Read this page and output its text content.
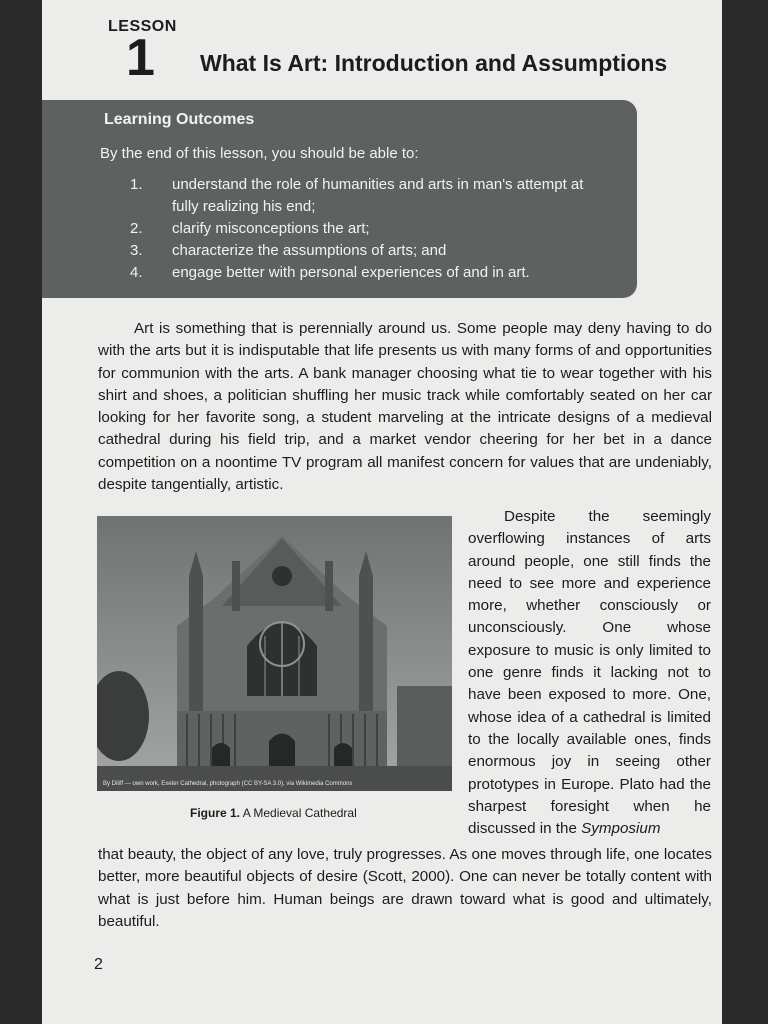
LESSON
1 What Is Art: Introduction and Assumptions
Learning Outcomes
By the end of this lesson, you should be able to:
1.	understand the role of humanities and arts in man's attempt at fully realizing his end;
2.	clarify misconceptions the art;
3.	characterize the assumptions of arts; and
4.	engage better with personal experiences of and in art.
Art is something that is perennially around us. Some people may deny having to do with the arts but it is indisputable that life presents us with many forms of and opportunities for communion with the arts. A bank manager choosing what tie to wear together with his shirt and shoes, a politician shuffling her music track while comfortably seated on her car looking for her favorite song, a student marveling at the intricate designs of a medieval cathedral during his field trip, and a market vendor cheering for her bet in a dance competition on a noontime TV program all manifest concern for values that are undeniably, despite tangentially, artistic.
By Diliff — own work, Exeter Cathedral, photograph (CC BY-SA 3.0), via Wikimedia Commons
Figure 1. A Medieval Cathedral
Despite the seemingly overflowing instances of arts around people, one still finds the need to see more and experience more, whether consciously or unconsciously. One whose exposure to music is only limited to one genre finds it lacking not to have been exposed to more. One, whose idea of a cathedral is limited to the locally available ones, finds enormous joy in seeing other prototypes in Europe. Plato had the sharpest foresight when he discussed in the Symposium
that beauty, the object of any love, truly progresses. As one moves through life, one locates better, more beautiful objects of desire (Scott, 2000). One can never be totally content with what is just before him. Human beings are drawn toward what is good and ultimately, beautiful.
2
